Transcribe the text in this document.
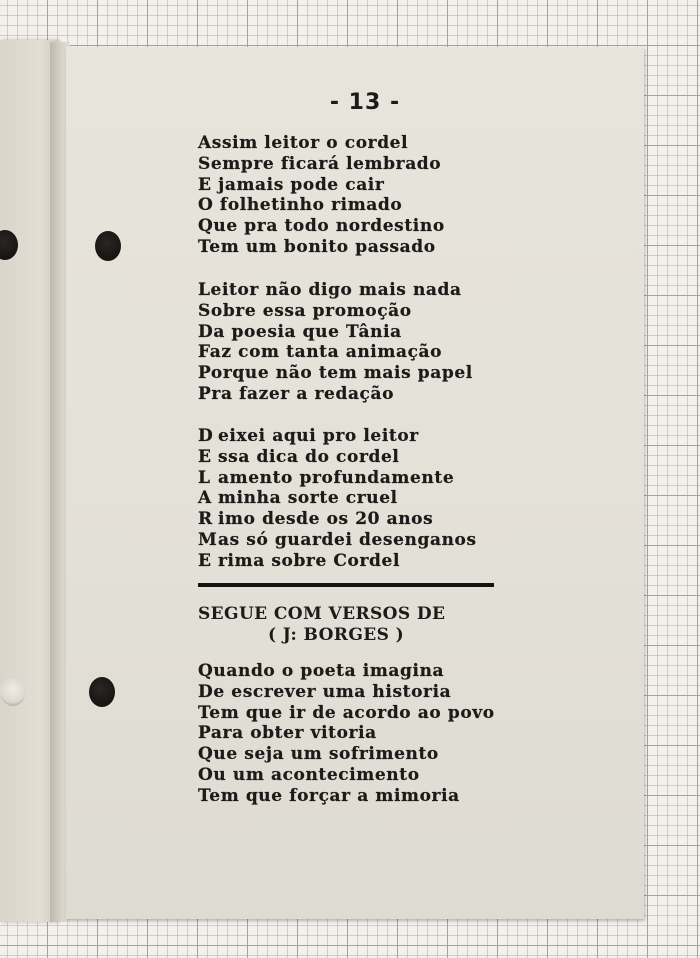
- 13 -
Assim leitor o cordel
Sempre ficará lembrado
E jamais pode cair
O folhetinho rimado
Que pra todo nordestino
Tem um bonito passado
Leitor não digo mais nada
Sobre essa promoção
Da poesia que Tânia
Faz com tanta animação
Porque não tem mais papel
Pra fazer a redação
D eixei aqui pro leitor
E ssa dica do cordel
L amento profundamente
A minha sorte cruel
R imo desde os 20 anos
Mas só guardei desenganos
E rima sobre Cordel
SEGUE COM VERSOS DE
( J: BORGES )
Quando o poeta imagina
De escrever uma historia
Tem que ir de acordo ao povo
Para obter vitoria
Que seja um sofrimento
Ou um acontecimento
Tem que forçar a mimoria
